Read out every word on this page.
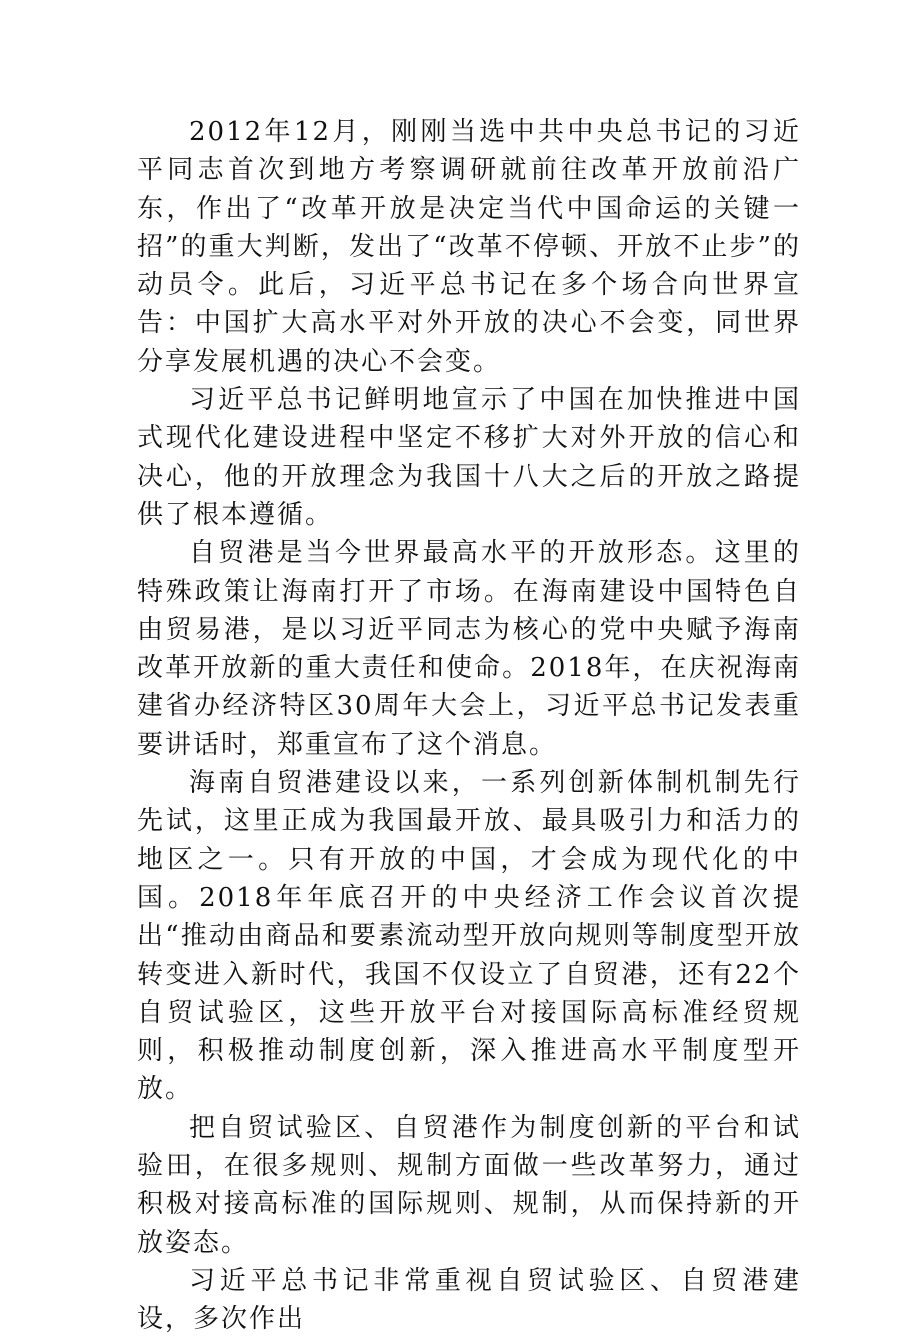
2012年12月，刚刚当选中共中央总书记的习近平同志首次到地方考察调研就前往改革开放前沿广东，作出了“改革开放是决定当代中国命运的关键一招”的重大判断，发出了“改革不停顿、开放不止步”的动员令。此后，习近平总书记在多个场合向世界宣告：中国扩大高水平对外开放的决心不会变，同世界分享发展机遇的决心不会变。

习近平总书记鲜明地宣示了中国在加快推进中国式现代化建设进程中坚定不移扩大对外开放的信心和决心，他的开放理念为我国十八大之后的开放之路提供了根本遵循。

自贸港是当今世界最高水平的开放形态。这里的特殊政策让海南打开了市场。在海南建设中国特色自由贸易港，是以习近平同志为核心的党中央赋予海南改革开放新的重大责任和使命。2018年，在庆祝海南建省办经济特区30周年大会上，习近平总书记发表重要讲话时，郑重宣布了这个消息。

海南自贸港建设以来，一系列创新体制机制先行先试，这里正成为我国最开放、最具吸引力和活力的地区之一。只有开放的中国，才会成为现代化的中国。2018年年底召开的中央经济工作会议首次提出“推动由商品和要素流动型开放向规则等制度型开放转变进入新时代，我国不仅设立了自贸港，还有22个自贸试验区，这些开放平台对接国际高标准经贸规则，积极推动制度创新，深入推进高水平制度型开放。

把自贸试验区、自贸港作为制度创新的平台和试验田，在很多规则、规制方面做一些改革努力，通过积极对接高标准的国际规则、规制，从而保持新的开放姿态。

习近平总书记非常重视自贸试验区、自贸港建设，多次作出
